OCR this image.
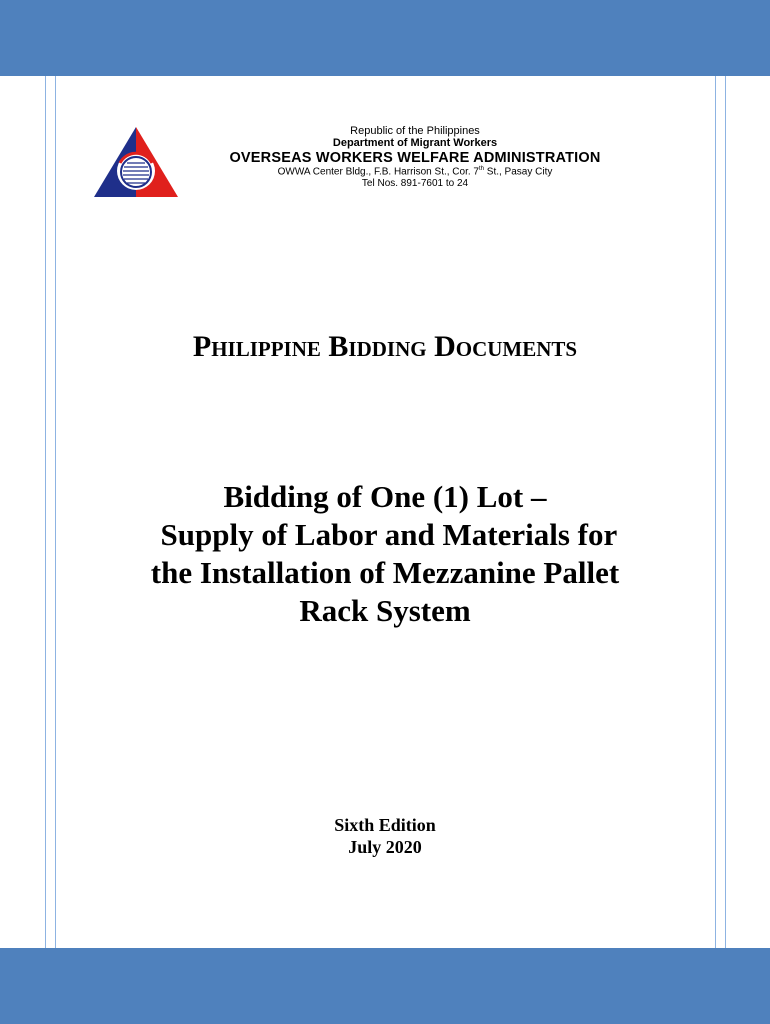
Republic of the Philippines
Department of Migrant Workers
OVERSEAS WORKERS WELFARE ADMINISTRATION
OWWA Center Bldg., F.B. Harrison St., Cor. 7th St., Pasay City
Tel Nos. 891-7601 to 24
Philippine Bidding Documents
Bidding of One (1) Lot –
Supply of Labor and Materials for
the Installation of Mezzanine Pallet
Rack System
Sixth Edition
July 2020
